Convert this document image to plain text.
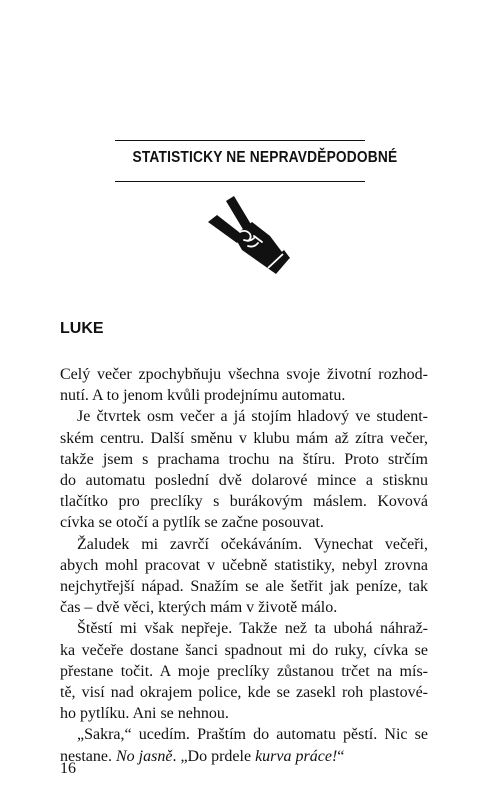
STATISTICKY NE NEPRAVDĚPODOBNÉ
LUKE
Celý večer zpochybňuju všechna svoje životní rozhod-
nutí. A to jenom kvůli prodejnímu automatu.
Je čtvrtek osm večer a já stojím hladový ve student-
ském centru. Další směnu v klubu mám až zítra večer,
takže jsem s prachama trochu na štíru. Proto strčím
do automatu poslední dvě dolarové mince a stisknu
tlačítko pro preclíky s burákovým máslem. Kovová
cívka se otočí a pytlík se začne posouvat.
Žaludek mi zavrčí očekáváním. Vynechat večeři,
abych mohl pracovat v učebně statistiky, nebyl zrovna
nejchytřejší nápad. Snažím se ale šetřit jak peníze, tak
čas – dvě věci, kterých mám v životě málo.
Štěstí mi však nepřeje. Takže než ta ubohá náhraž-
ka večeře dostane šanci spadnout mi do ruky, cívka se
přestane točit. A moje preclíky zůstanou trčet na mís-
tě, visí nad okrajem police, kde se zasekl roh plastové-
ho pytlíku. Ani se nehnou.
„Sakra,“ ucedím. Praštím do automatu pěstí. Nic se
nestane. No jasně. „Do prdele kurva práce!“
16
